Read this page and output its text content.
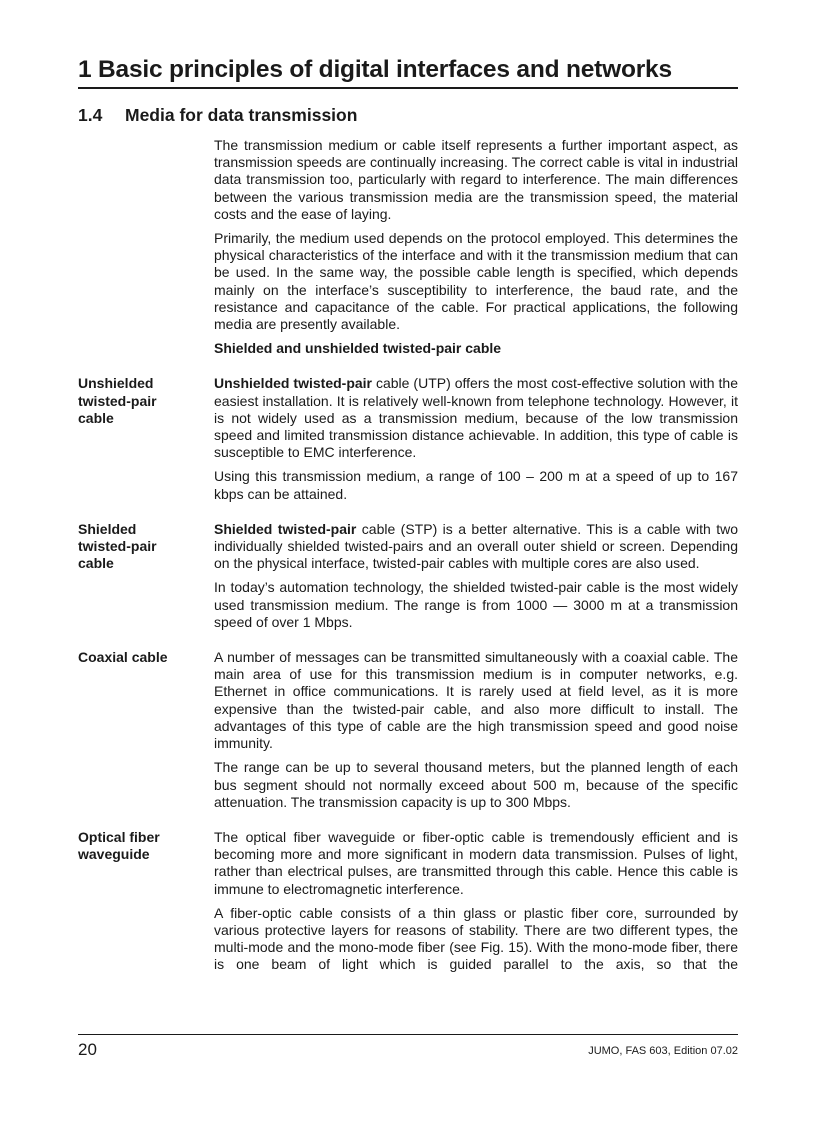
1 Basic principles of digital interfaces and networks
1.4 Media for data transmission

The transmission medium or cable itself represents a further important aspect, as transmission speeds are continually increasing. The correct cable is vital in industrial data transmission too, particularly with regard to interference. The main differences between the various transmission media are the transmission speed, the material costs and the ease of laying.

Primarily, the medium used depends on the protocol employed. This determines the physical characteristics of the interface and with it the transmission medium that can be used. In the same way, the possible cable length is specified, which depends mainly on the interface’s susceptibility to interference, the baud rate, and the resistance and capacitance of the cable. For practical applications, the following media are presently available.

Shielded and unshielded twisted-pair cable

Unshielded twisted-pair cable

Unshielded twisted-pair cable (UTP) offers the most cost-effective solution with the easiest installation. It is relatively well-known from telephone technology. However, it is not widely used as a transmission medium, because of the low transmission speed and limited transmission distance achievable. In addition, this type of cable is susceptible to EMC interference.

Using this transmission medium, a range of 100 – 200 m at a speed of up to 167 kbps can be attained.

Shielded twisted-pair cable

Shielded twisted-pair cable (STP) is a better alternative. This is a cable with two individually shielded twisted-pairs and an overall outer shield or screen. Depending on the physical interface, twisted-pair cables with multiple cores are also used.

In today’s automation technology, the shielded twisted-pair cable is the most widely used transmission medium. The range is from 1000 — 3000 m at a transmission speed of over 1 Mbps.

Coaxial cable	A number of messages can be transmitted simultaneously with a coaxial cable. The main area of use for this transmission medium is in computer networks, e.g. Ethernet in office communications. It is rarely used at field level, as it is more expensive than the twisted-pair cable, and also more difficult to install. The advantages of this type of cable are the high transmission speed and good noise immunity.

The range can be up to several thousand meters, but the planned length of each bus segment should not normally exceed about 500 m, because of the specific attenuation. The transmission capacity is up to 300 Mbps.

Optical fiber waveguide

The optical fiber waveguide or fiber-optic cable is tremendously efficient and is becoming more and more significant in modern data transmission. Pulses of light, rather than electrical pulses, are transmitted through this cable. Hence this cable is immune to electromagnetic interference.

A fiber-optic cable consists of a thin glass or plastic fiber core, surrounded by various protective layers for reasons of stability. There are two different types, the multi-mode and the mono-mode fiber (see Fig. 15). With the mono-mode fiber, there is one beam of light which is guided parallel to the axis, so that the

20	JUMO, FAS 603, Edition 07.02
